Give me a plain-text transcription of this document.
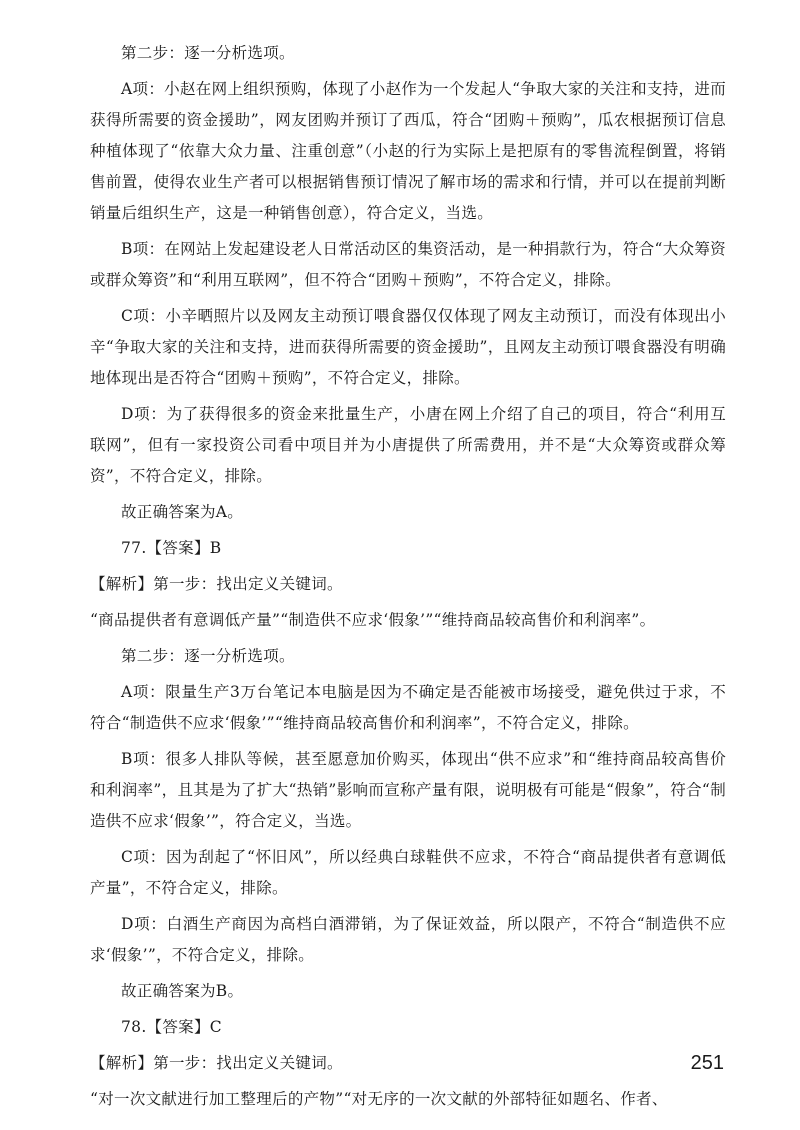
第二步：逐一分析选项。

A项：小赵在网上组织预购，体现了小赵作为一个发起人“争取大家的关注和支持，进而获得所需要的资金援助”，网友团购并预订了西瓜，符合“团购＋预购”，瓜农根据预订信息种植体现了“依靠大众力量、注重创意”（小赵的行为实际上是把原有的零售流程倒置，将销售前置，使得农业生产者可以根据销售预订情况了解市场的需求和行情，并可以在提前判断销量后组织生产，这是一种销售创意），符合定义，当选。

B项：在网站上发起建设老人日常活动区的集资活动，是一种捐款行为，符合“大众筹资或群众筹资”和“利用互联网”，但不符合“团购＋预购”，不符合定义，排除。

C项：小辛晒照片以及网友主动预订喂食器仅仅体现了网友主动预订，而没有体现出小辛“争取大家的关注和支持，进而获得所需要的资金援助”，且网友主动预订喂食器没有明确地体现出是否符合“团购＋预购”，不符合定义，排除。

D项：为了获得很多的资金来批量生产，小唐在网上介绍了自己的项目，符合“利用互联网”，但有一家投资公司看中项目并为小唐提供了所需费用，并不是“大众筹资或群众筹资”，不符合定义，排除。

故正确答案为A。

77.【答案】B

【解析】第一步：找出定义关键词。

“商品提供者有意调低产量”“制造供不应求‘假象’”“维持商品较高售价和利润率”。

第二步：逐一分析选项。

A项：限量生产3万台笔记本电脑是因为不确定是否能被市场接受，避免供过于求，不符合“制造供不应求‘假象’”“维持商品较高售价和利润率”，不符合定义，排除。

B项：很多人排队等候，甚至愿意加价购买，体现出“供不应求”和“维持商品较高售价和利润率”，且其是为了扩大“热销”影响而宣称产量有限，说明极有可能是“假象”，符合“制造供不应求‘假象’”，符合定义，当选。

C项：因为刮起了“怀旧风”，所以经典白球鞋供不应求，不符合“商品提供者有意调低产量”，不符合定义，排除。

D项：白酒生产商因为高档白酒滞销，为了保证效益，所以限产，不符合“制造供不应求‘假象’”，不符合定义，排除。

故正确答案为B。

78.【答案】C

【解析】第一步：找出定义关键词。

“对一次文献进行加工整理后的产物”“对无序的一次文献的外部特征如题名、作者、

251
